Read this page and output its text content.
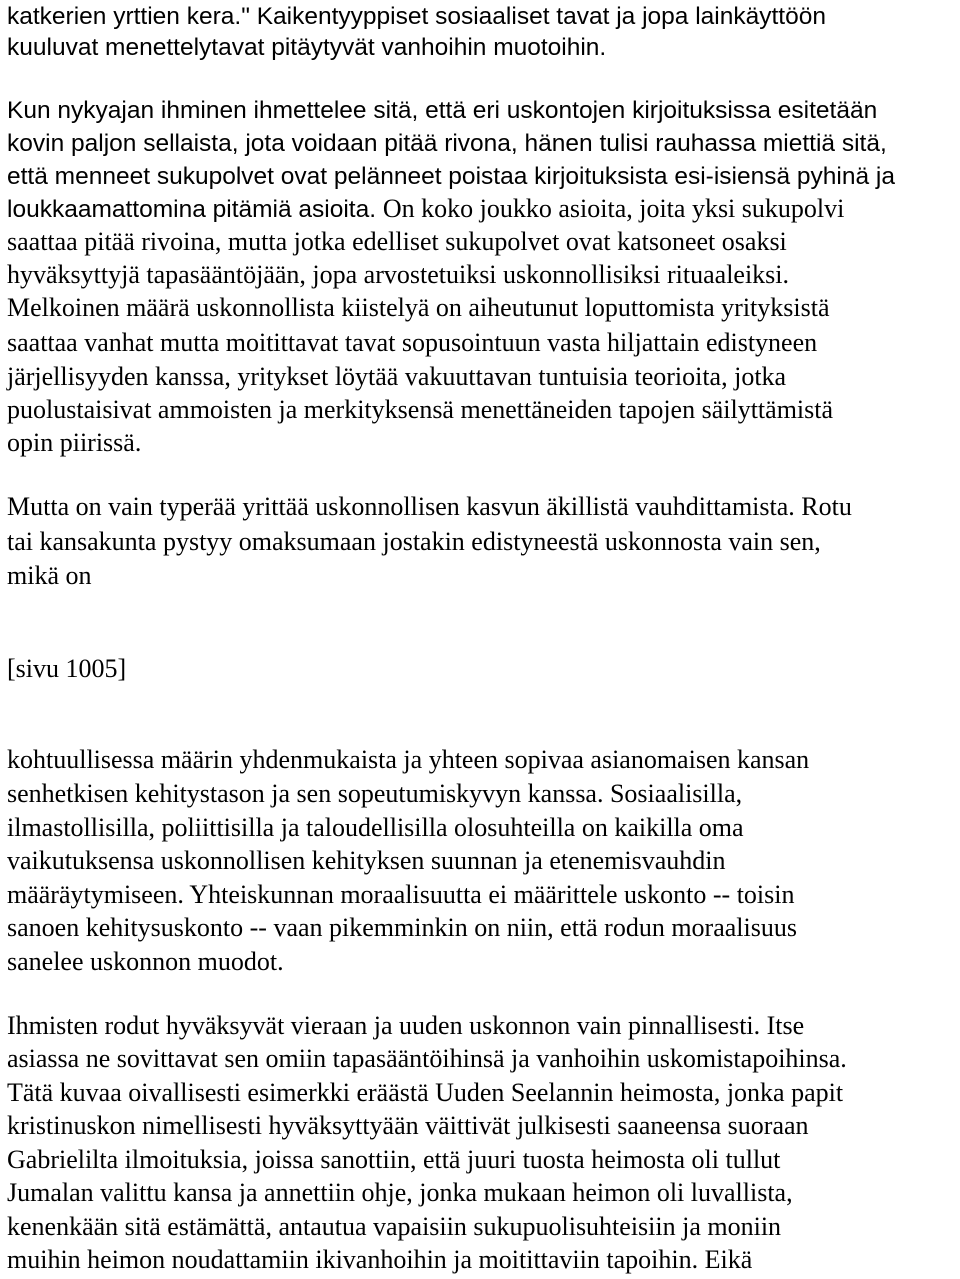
katkerien yrttien kera." Kaikentyyppiset sosiaaliset tavat ja jopa lainkäyttöön
kuuluvat menettelytavat pitäytyvät vanhoihin muotoihin.
Kun nykyajan ihminen ihmettelee sitä, että eri uskontojen kirjoituksissa esitetään
kovin paljon sellaista, jota voidaan pitää rivona, hänen tulisi rauhassa miettiä sitä,
että menneet sukupolvet ovat pelänneet poistaa kirjoituksista esi-isiensä pyhinä ja
loukkaamattomina pitämiä asioita. On koko joukko asioita, joita yksi sukupolvi
saattaa pitää rivoina, mutta jotka edelliset sukupolvet ovat katsoneet osaksi
hyväksyttyjä tapasääntöjään, jopa arvostetuiksi uskonnollisiksi rituaaleiksi.
Melkoinen määrä uskonnollista kiistelyä on aiheutunut loputtomista yrityksistä
saattaa vanhat mutta moitittavat tavat sopusointuun vasta hiljattain edistyneen
järjellisyyden kanssa, yritykset löytää vakuuttavan tuntuisia teorioita, jotka
puolustaisivat ammoisten ja merkityksensä menettäneiden tapojen säilyttämistä
opin piirissä.
Mutta on vain typerää yrittää uskonnollisen kasvun äkillistä vauhdittamista. Rotu
tai kansakunta pystyy omaksumaan jostakin edistyneestä uskonnosta vain sen,
mikä on
[sivu 1005]
kohtuullisessa määrin yhdenmukaista ja yhteen sopivaa asianomaisen kansan
senhetkisen kehitystason ja sen sopeutumiskyvyn kanssa. Sosiaalisilla,
ilmastollisilla, poliittisilla ja taloudellisilla olosuhteilla on kaikilla oma
vaikutuksensa uskonnollisen kehityksen suunnan ja etenemisvauhdin
määräytymiseen. Yhteiskunnan moraalisuutta ei määrittele uskonto -- toisin
sanoen kehitysuskonto -- vaan pikemminkin on niin, että rodun moraalisuus
sanelee uskonnon muodot.
Ihmisten rodut hyväksyvät vieraan ja uuden uskonnon vain pinnallisesti. Itse
asiassa ne sovittavat sen omiin tapasääntöihinsä ja vanhoihin uskomistapoihinsa.
Tätä kuvaa oivallisesti esimerkki eräästä Uuden Seelannin heimosta, jonka papit
kristinuskon nimellisesti hyväksyttyään väittivät julkisesti saaneensa suoraan
Gabrielilta ilmoituksia, joissa sanottiin, että juuri tuosta heimosta oli tullut
Jumalan valittu kansa ja annettiin ohje, jonka mukaan heimon oli luvallista,
kenenkään sitä estämättä, antautua vapaisiin sukupuolisuhteisiin ja moniin
muihin heimon noudattamiin ikivanhoihin ja moitittaviin tapoihin. Eikä
